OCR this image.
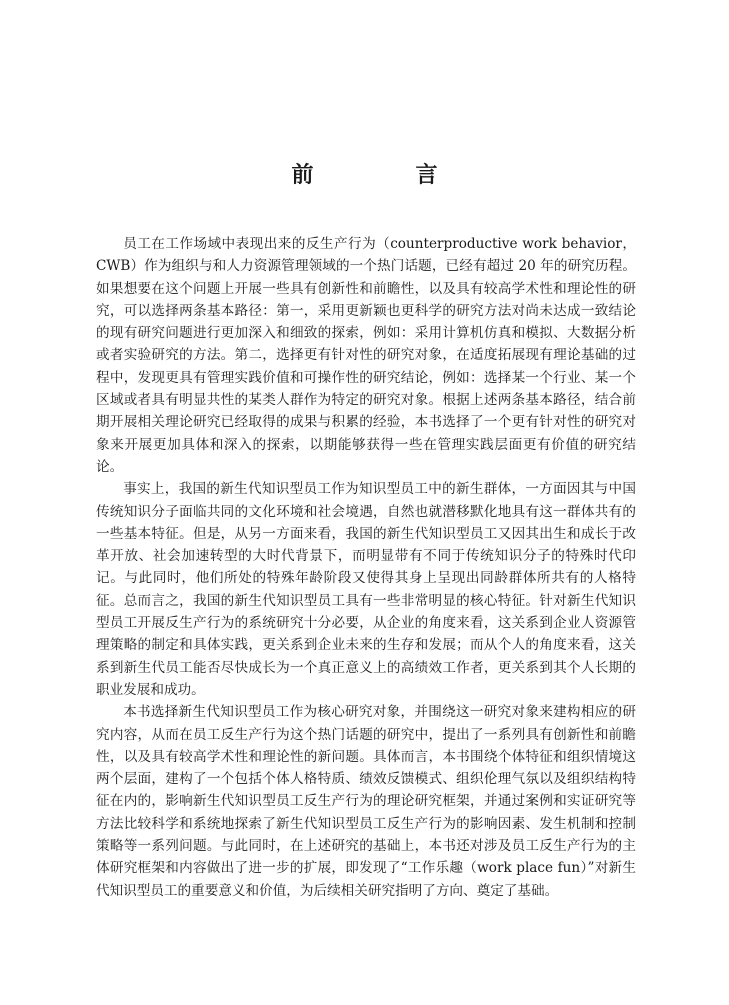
前　言

员工在工作场域中表现出来的反生产行为（counterproductive work behavior，CWB）作为组织与和人力资源管理领域的一个热门话题，已经有超过 20 年的研究历程。如果想要在这个问题上开展一些具有创新性和前瞻性，以及具有较高学术性和理论性的研究，可以选择两条基本路径：第一，采用更新颖也更科学的研究方法对尚未达成一致结论的现有研究问题进行更加深入和细致的探索，例如：采用计算机仿真和模拟、大数据分析或者实验研究的方法。第二，选择更有针对性的研究对象，在适度拓展现有理论基础的过程中，发现更具有管理实践价值和可操作性的研究结论，例如：选择某一个行业、某一个区域或者具有明显共性的某类人群作为特定的研究对象。根据上述两条基本路径，结合前期开展相关理论研究已经取得的成果与积累的经验，本书选择了一个更有针对性的研究对象来开展更加具体和深入的探索，以期能够获得一些在管理实践层面更有价值的研究结论。

事实上，我国的新生代知识型员工作为知识型员工中的新生群体，一方面因其与中国传统知识分子面临共同的文化环境和社会境遇，自然也就潜移默化地具有这一群体共有的一些基本特征。但是，从另一方面来看，我国的新生代知识型员工又因其出生和成长于改革开放、社会加速转型的大时代背景下，而明显带有不同于传统知识分子的特殊时代印记。与此同时，他们所处的特殊年龄阶段又使得其身上呈现出同龄群体所共有的人格特征。总而言之，我国的新生代知识型员工具有一些非常明显的核心特征。针对新生代知识型员工开展反生产行为的系统研究十分必要，从企业的角度来看，这关系到企业人资源管理策略的制定和具体实践，更关系到企业未来的生存和发展；而从个人的角度来看，这关系到新生代员工能否尽快成长为一个真正意义上的高绩效工作者，更关系到其个人长期的职业发展和成功。

本书选择新生代知识型员工作为核心研究对象，并围绕这一研究对象来建构相应的研究内容，从而在员工反生产行为这个热门话题的研究中，提出了一系列具有创新性和前瞻性，以及具有较高学术性和理论性的新问题。具体而言，本书围绕个体特征和组织情境这两个层面，建构了一个包括个体人格特质、绩效反馈模式、组织伦理气氛以及组织结构特征在内的，影响新生代知识型员工反生产行为的理论研究框架，并通过案例和实证研究等方法比较科学和系统地探索了新生代知识型员工反生产行为的影响因素、发生机制和控制策略等一系列问题。与此同时，在上述研究的基础上，本书还对涉及员工反生产行为的主体研究框架和内容做出了进一步的扩展，即发现了“工作乐趣（work place fun）”对新生代知识型员工的重要意义和价值，为后续相关研究指明了方向、奠定了基础。
